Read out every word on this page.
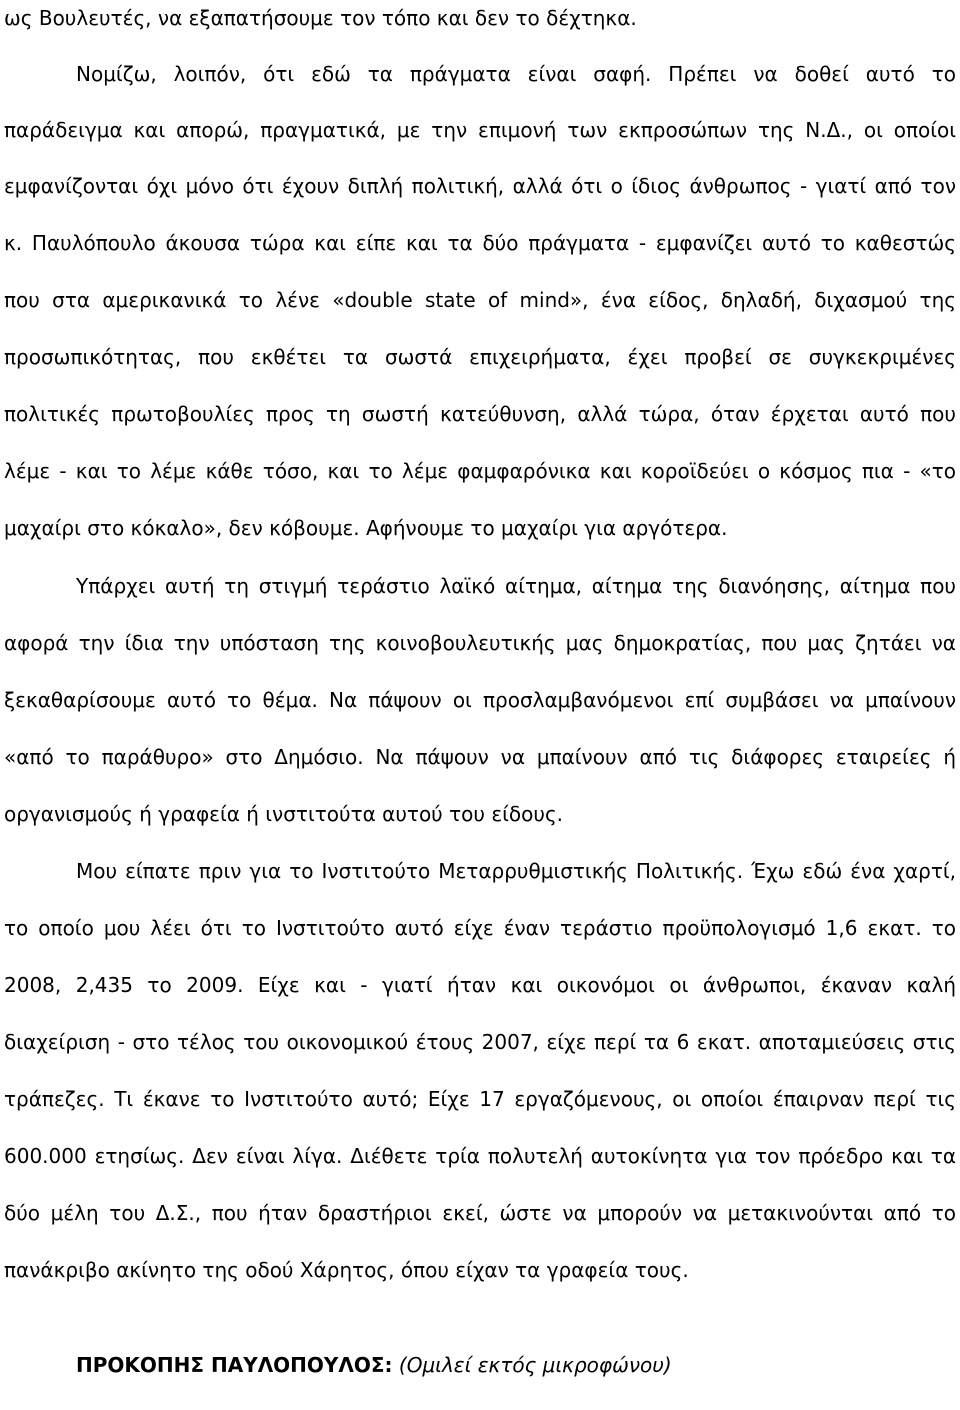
ως Βουλευτές, να εξαπατήσουμε τον τόπο και δεν το δέχτηκα.
Νομίζω, λοιπόν, ότι εδώ τα πράγματα είναι σαφή. Πρέπει να δοθεί αυτό το
παράδειγμα και απορώ, πραγματικά, με την επιμονή των εκπροσώπων της Ν.Δ., οι οποίοι
εμφανίζονται όχι μόνο ότι έχουν διπλή πολιτική, αλλά ότι ο ίδιος άνθρωπος - γιατί από τον
κ. Παυλόπουλο άκουσα τώρα και είπε και τα δύο πράγματα - εμφανίζει αυτό το καθεστώς
που στα αμερικανικά το λένε «double state of mind», ένα είδος, δηλαδή, διχασμού της
προσωπικότητας, που εκθέτει τα σωστά επιχειρήματα, έχει προβεί σε συγκεκριμένες
πολιτικές πρωτοβουλίες προς τη σωστή κατεύθυνση, αλλά τώρα, όταν έρχεται αυτό που
λέμε - και το λέμε κάθε τόσο, και το λέμε φαμφαρόνικα και κοροϊδεύει ο κόσμος πια - «το
μαχαίρι στο κόκαλο», δεν κόβουμε. Αφήνουμε το μαχαίρι για αργότερα.
Υπάρχει αυτή τη στιγμή τεράστιο λαϊκό αίτημα, αίτημα της διανόησης, αίτημα που
αφορά την ίδια την υπόσταση της κοινοβουλευτικής μας δημοκρατίας, που μας ζητάει να
ξεκαθαρίσουμε αυτό το θέμα. Να πάψουν οι προσλαμβανόμενοι επί συμβάσει να μπαίνουν
«από το παράθυρο» στο Δημόσιο. Να πάψουν να μπαίνουν από τις διάφορες εταιρείες ή
οργανισμούς ή γραφεία ή ινστιτούτα αυτού του είδους.
Μου είπατε πριν για το Ινστιτούτο Μεταρρυθμιστικής Πολιτικής. Έχω εδώ ένα χαρτί,
το οποίο μου λέει ότι το Ινστιτούτο αυτό είχε έναν τεράστιο προϋπολογισμό 1,6 εκατ. το
2008, 2,435 το 2009. Είχε και - γιατί ήταν και οικονόμοι οι άνθρωποι, έκαναν καλή
διαχείριση - στο τέλος του οικονομικού έτους 2007, είχε περί τα 6 εκατ. αποταμιεύσεις στις
τράπεζες. Τι έκανε το Ινστιτούτο αυτό; Είχε 17 εργαζόμενους, οι οποίοι έπαιρναν περί τις
600.000 ετησίως. Δεν είναι λίγα. Διέθετε τρία πολυτελή αυτοκίνητα για τον πρόεδρο και τα
δύο μέλη του Δ.Σ., που ήταν δραστήριοι εκεί, ώστε να μπορούν να μετακινούνται από το
πανάκριβο ακίνητο της οδού Χάρητος, όπου είχαν τα γραφεία τους.
ΠΡΟΚΟΠΗΣ ΠΑΥΛΟΠΟΥΛΟΣ: (Ομιλεί εκτός μικροφώνου)
